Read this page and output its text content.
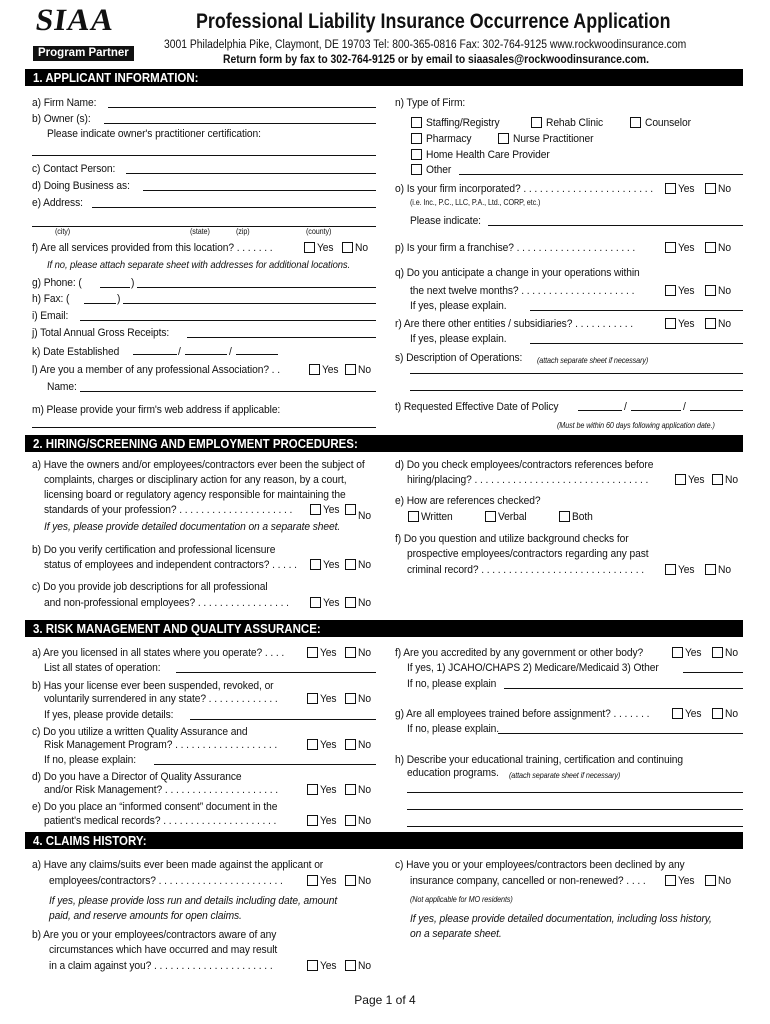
SIAA
Program Partner
Professional Liability Insurance Occurrence Application
3001 Philadelphia Pike, Claymont, DE 19703 Tel: 800-365-0816 Fax: 302-764-9125 www.rockwoodinsurance.com
Return form by fax to 302-764-9125 or by email to siaasales@rockwoodinsurance.com.
1. APPLICANT INFORMATION:
a) Firm Name:
b) Owner (s):
Please indicate owner's practitioner certification:
c) Contact Person:
d) Doing Business as:
e) Address:
(city)	(state)	(zip)	(county)
f) Are all services provided from this location? . . . . . . .	Yes No
If no, please attach separate sheet with addresses for additional locations.
g) Phone: (	)
h) Fax: (	)
i) Email:
j) Total Annual Gross Receipts:
k) Date Established	/	/
l) Are you a member of any professional Association? . .	Yes No
Name:
m) Please provide your firm's web address if applicable:
n) Type of Firm:
Staffing/Registry	Rehab Clinic	Counselor
Pharmacy	Nurse Practitioner
Home Health Care Provider
Other
o) Is your firm incorporated? . . . . . . . . . . . . . . . . . . . . . . . . Yes No
(i.e. Inc., P.C., LLC, P.A., Ltd., CORP, etc.)
Please indicate:
p) Is your firm a franchise? . . . . . . . . . . . . . . . . . . . . . .	Yes No
q) Do you anticipate a change in your operations within
the next twelve months? . . . . . . . . . . . . . . . . . . . . .	Yes No
If yes, please explain.
r) Are there other entities / subsidiaries? . . . . . . . . . . .	Yes No
If yes, please explain.
s) Description of Operations: (attach separate sheet if necessary)
t) Requested Effective Date of Policy	/	/
(Must be within 60 days following application date.)
2. HIRING/SCREENING AND EMPLOYMENT PROCEDURES:
a) Have the owners and/or employees/contractors ever been the subject of
complaints, charges or disciplinary action for any reason, by a court,
licensing board or regulatory agency responsible for maintaining the
standards of your profession? . . . . . . . . . . . . . . . . . . . . .	Yes No
If yes, please provide detailed documentation on a separate sheet.
b) Do you verify certification and professional licensure
status of employees and independent contractors? . . . . . Yes No
c) Do you provide job descriptions for all professional
and non-professional employees? . . . . . . . . . . . . . . . . .	Yes No
d) Do you check employees/contractors references before
hiring/placing? . . . . . . . . . . . . . . . . . . . . . . . . . . . . . . . .	Yes No
e) How are references checked?
Written	Verbal	Both
f) Do you question and utilize background checks for
prospective employees/contractors regarding any past
criminal record? . . . . . . . . . . . . . . . . . . . . . . . . . . . . . .	Yes No
3. RISK MANAGEMENT AND QUALITY ASSURANCE:
a) Are you licensed in all states where you operate? . . . .	Yes No
List all states of operation:
b) Has your license ever been suspended, revoked, or
voluntarily surrendered in any state? . . . . . . . . . . . . .	Yes No
If yes, please provide details:
c) Do you utilize a written Quality Assurance and
Risk Management Program? . . . . . . . . . . . . . . . . . . .	Yes No
If no, please explain:
d) Do you have a Director of Quality Assurance
and/or Risk Management? . . . . . . . . . . . . . . . . . . . . .	Yes No
e) Do you place an “informed consent” document in the
patient's medical records? . . . . . . . . . . . . . . . . . . . . .	Yes No
f) Are you accredited by any government or other body?	Yes No
If yes, 1) JCAHO/CHAPS 2) Medicare/Medicaid 3) Other
If no, please explain
g) Are all employees trained before assignment? . . . . . . .	Yes No
If no, please explain.
h) Describe your educational training, certification and continuing
education programs. (attach separate sheet if necessary)
4. CLAIMS HISTORY:
a) Have any claims/suits ever been made against the applicant or
employees/contractors? . . . . . . . . . . . . . . . . . . . . . . .	Yes No
If yes, please provide loss run and details including date, amount
paid, and reserve amounts for open claims.
b) Are you or your employees/contractors aware of any
circumstances which have occurred and may result
in a claim against you? . . . . . . . . . . . . . . . . . . . . . .	Yes No
c) Have you or your employees/contractors been declined by any
insurance company, cancelled or non-renewed? . . . .	Yes No
(Not applicable for MO residents)
If yes, please provide detailed documentation, including loss history,
on a separate sheet.
Page 1 of 4
